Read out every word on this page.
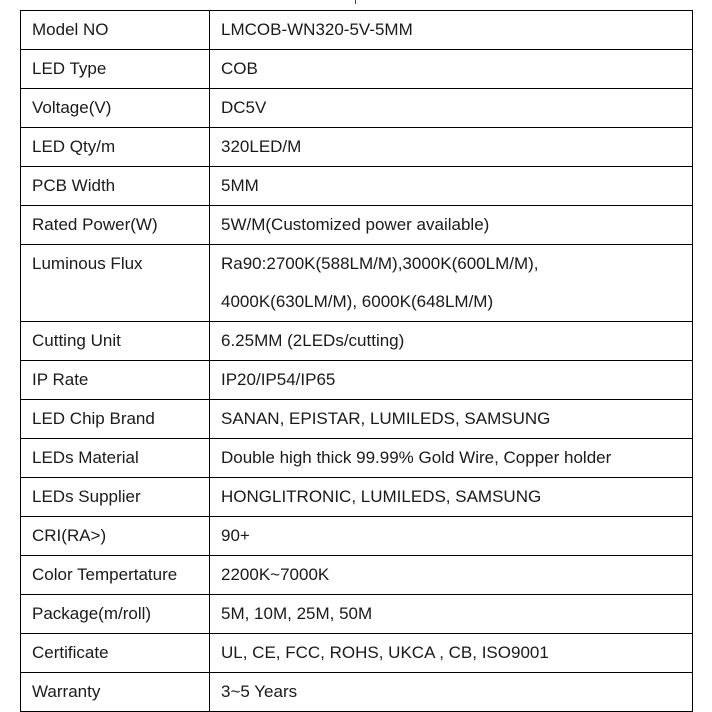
Model NO	LMCOB-WN320-5V-5MM
LED Type	COB
Voltage(V)	DC5V
LED Qty/m	320LED/M
PCB Width	5MM
Rated Power(W)	5W/M(Customized power available)
Luminous Flux	Ra90:2700K(588LM/M),3000K(600LM/M),
4000K(630LM/M), 6000K(648LM/M)

Cutting Unit	6.25MM (2LEDs/cutting)
IP Rate	IP20/IP54/IP65
LED Chip Brand	SANAN, EPISTAR, LUMILEDS, SAMSUNG
LEDs Material	Double high thick 99.99% Gold Wire, Copper holder
LEDs Supplier	HONGLITRONIC, LUMILEDS, SAMSUNG
CRI(RA>)	90+
Color Tempertature	2200K~7000K
Package(m/roll)	5M, 10M, 25M, 50M
Certificate	UL, CE, FCC, ROHS, UKCA , CB, ISO9001
Warranty	3~5 Years
